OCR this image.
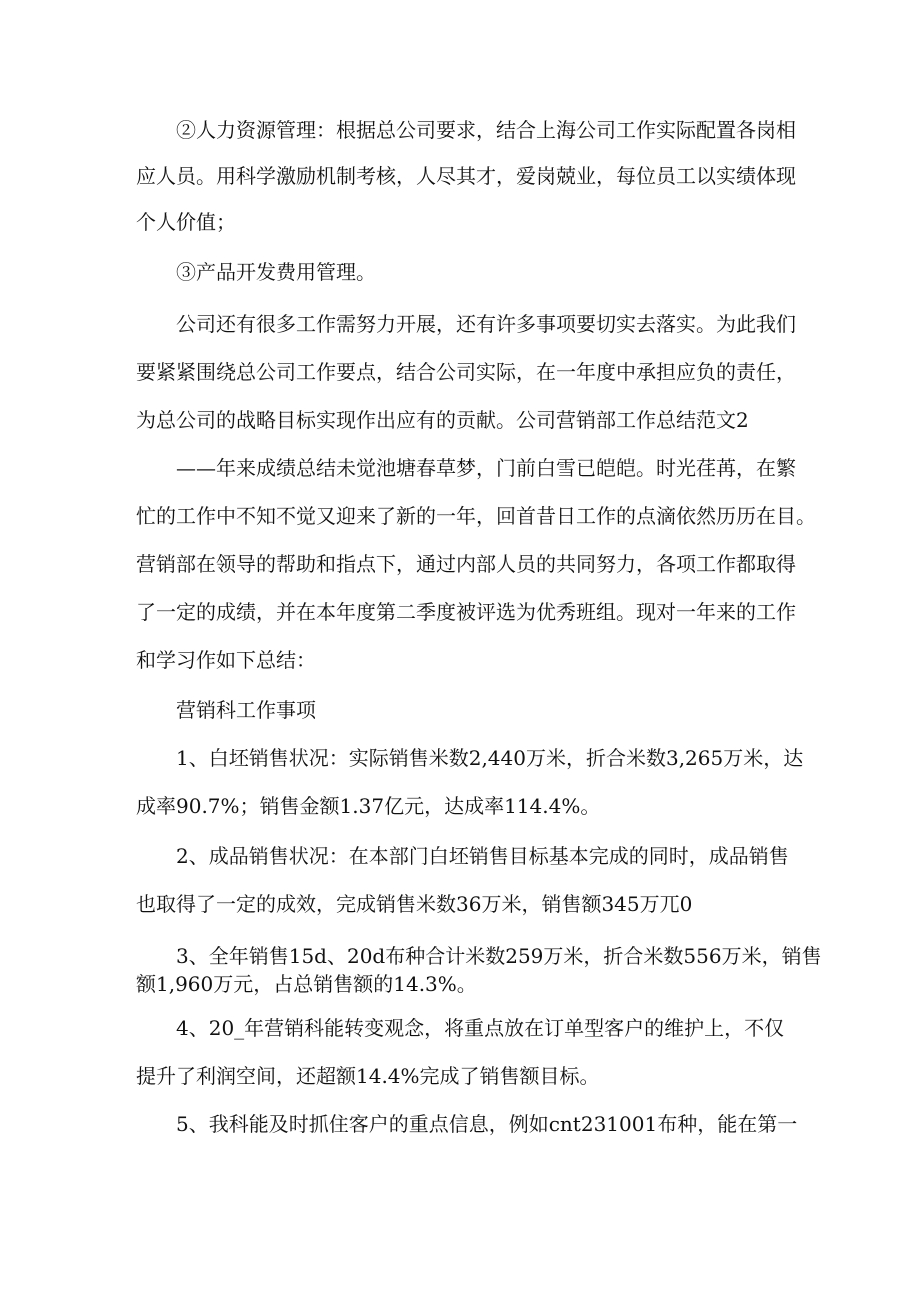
②人力资源管理：根据总公司要求，结合上海公司工作实际配置各岗相
应人员。用科学激励机制考核，人尽其才，爱岗兢业，每位员工以实绩体现
个人价值；
③产品开发费用管理。
公司还有很多工作需努力开展，还有许多事项要切实去落实。为此我们
要紧紧围绕总公司工作要点，结合公司实际，在一年度中承担应负的责任，
为总公司的战略目标实现作出应有的贡献。公司营销部工作总结范文2
——年来成绩总结未觉池塘春草梦，门前白雪已皑皑。时光荏苒，在繁
忙的工作中不知不觉又迎来了新的一年，回首昔日工作的点滴依然历历在目。
营销部在领导的帮助和指点下，通过内部人员的共同努力，各项工作都取得
了一定的成绩，并在本年度第二季度被评选为优秀班组。现对一年来的工作
和学习作如下总结：
营销科工作事项
1、白坯销售状况：实际销售米数2,440万米，折合米数3,265万米，达
成率90.7%；销售金额1.37亿元，达成率114.4%。
2、成品销售状况：在本部门白坯销售目标基本完成的同时，成品销售
也取得了一定的成效，完成销售米数36万米，销售额345万兀0
3、全年销售15d、20d布种合计米数259万米，折合米数556万米，销售
额1,960万元，占总销售额的14.3%。
4、20_年营销科能转变观念，将重点放在订单型客户的维护上，不仅
提升了利润空间，还超额14.4%完成了销售额目标。
5、我科能及时抓住客户的重点信息，例如cnt231001布种，能在第一
